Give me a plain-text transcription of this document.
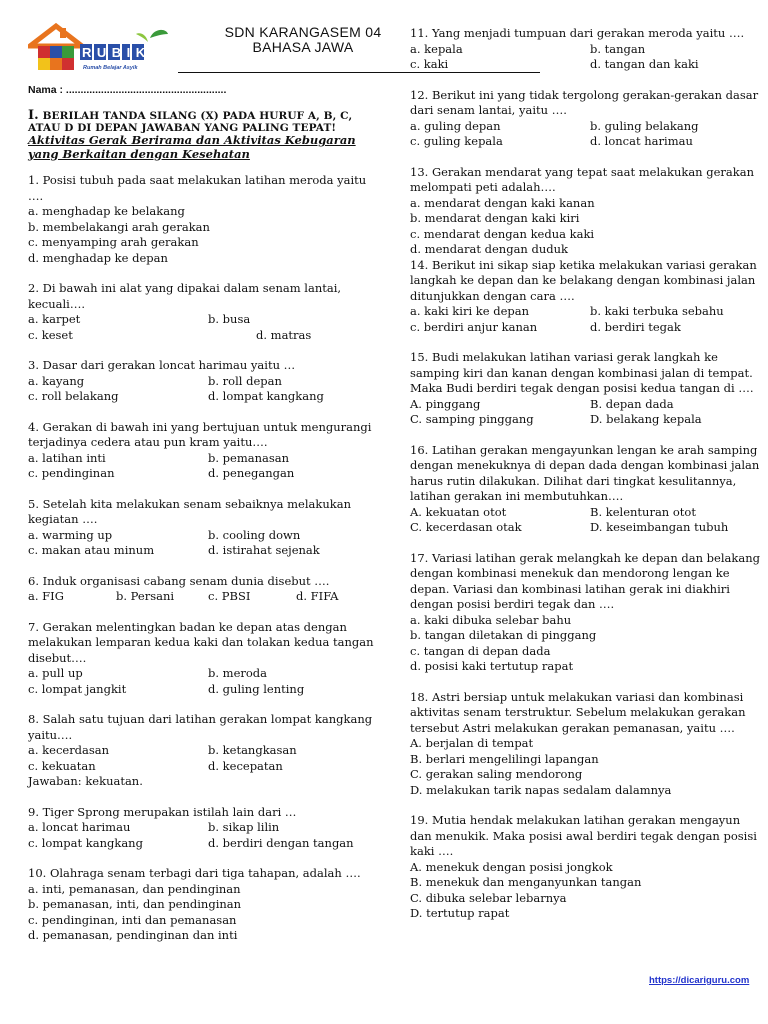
RUBIK
Rumah Belajar Asyik
SDN KARANGASEM 04
BAHASA JAWA
Nama : .......................................................
I. BERILAH TANDA SILANG (X) PADA HURUF A, B, C, ATAU D DI DEPAN JAWABAN YANG PALING TEPAT!
Aktivitas Gerak Berirama dan Aktivitas Kebugaran yang Berkaitan dengan Kesehatan
1. Posisi tubuh pada saat melakukan latihan meroda yaitu ….
a. menghadap ke belakang
b. membelakangi arah gerakan
c. menyamping arah gerakan
d. menghadap ke depan
2. Di bawah ini alat yang dipakai dalam senam lantai, kecuali….
a. karpet	b. busa
c. keset	d. matras
3. Dasar dari gerakan loncat harimau yaitu …
a. kayang	b. roll depan
c. roll belakang	d. lompat kangkang
4. Gerakan di bawah ini yang bertujuan untuk mengurangi terjadinya cedera atau pun kram yaitu….
a. latihan inti	b. pemanasan
c. pendinginan	d. penegangan
5. Setelah kita melakukan senam sebaiknya melakukan kegiatan ….
a. warming up	b. cooling down
c. makan atau minum	d. istirahat sejenak
6. Induk organisasi cabang senam dunia disebut ….
a. FIG	b. Persani	c. PBSI	d. FIFA
7. Gerakan melentingkan badan ke depan atas dengan melakukan lemparan kedua kaki dan tolakan kedua tangan disebut….
a. pull up	b. meroda
c. lompat jangkit	d. guling lenting
8. Salah satu tujuan dari latihan gerakan lompat kangkang yaitu….
a. kecerdasan	b. ketangkasan
c. kekuatan	d. kecepatan
Jawaban: kekuatan.
9. Tiger Sprong merupakan istilah lain dari …
a. loncat harimau	b. sikap lilin
c. lompat kangkang	d. berdiri dengan tangan
10. Olahraga senam terbagi dari tiga tahapan, adalah ….
a. inti, pemanasan, dan pendinginan
b. pemanasan, inti, dan pendinginan
c. pendinginan, inti dan pemanasan
d. pemanasan, pendinginan dan inti
11. Yang menjadi tumpuan dari gerakan meroda yaitu ….
a. kepala	b. tangan
c. kaki	d. tangan dan kaki
12. Berikut ini yang tidak tergolong gerakan-gerakan dasar dari senam lantai, yaitu ….
a. guling depan	b. guling belakang
c. guling kepala	d. loncat harimau
13. Gerakan mendarat yang tepat saat melakukan gerakan melompati peti adalah….
a. mendarat dengan kaki kanan
b. mendarat dengan kaki kiri
c. mendarat dengan kedua kaki
d. mendarat dengan duduk
14. Berikut ini sikap siap ketika melakukan variasi gerakan langkah ke depan dan ke belakang dengan kombinasi jalan ditunjukkan dengan cara ….
a. kaki kiri ke depan	b. kaki terbuka sebahu
c. berdiri anjur kanan	d. berdiri tegak
15. Budi melakukan latihan variasi gerak langkah ke samping kiri dan kanan dengan kombinasi jalan di tempat. Maka Budi berdiri tegak dengan posisi kedua tangan di ….
A. pinggang	B. depan dada
C. samping pinggang	D. belakang kepala
16. Latihan gerakan mengayunkan lengan ke arah samping dengan menekuknya di depan dada dengan kombinasi jalan harus rutin dilakukan. Dilihat dari tingkat kesulitannya, latihan gerakan ini membutuhkan….
A. kekuatan otot	B. kelenturan otot
C. kecerdasan otak	D. keseimbangan tubuh
17. Variasi latihan gerak melangkah ke depan dan belakang dengan kombinasi menekuk dan mendorong lengan ke depan. Variasi dan kombinasi latihan gerak ini diakhiri dengan posisi berdiri tegak dan ….
a. kaki dibuka selebar bahu
b. tangan diletakan di pinggang
c. tangan di depan dada
d. posisi kaki tertutup rapat
18. Astri bersiap untuk melakukan variasi dan kombinasi aktivitas senam terstruktur. Sebelum melakukan gerakan tersebut Astri melakukan gerakan pemanasan, yaitu ….
A. berjalan di tempat
B. berlari mengelilingi lapangan
C. gerakan saling mendorong
D. melakukan tarik napas sedalam dalamnya
19. Mutia hendak melakukan latihan gerakan mengayun dan menukik. Maka posisi awal berdiri tegak dengan posisi kaki ….
A. menekuk dengan posisi jongkok
B. menekuk dan menganyunkan tangan
C. dibuka selebar lebarnya
D. tertutup rapat
https://dicariguru.com
